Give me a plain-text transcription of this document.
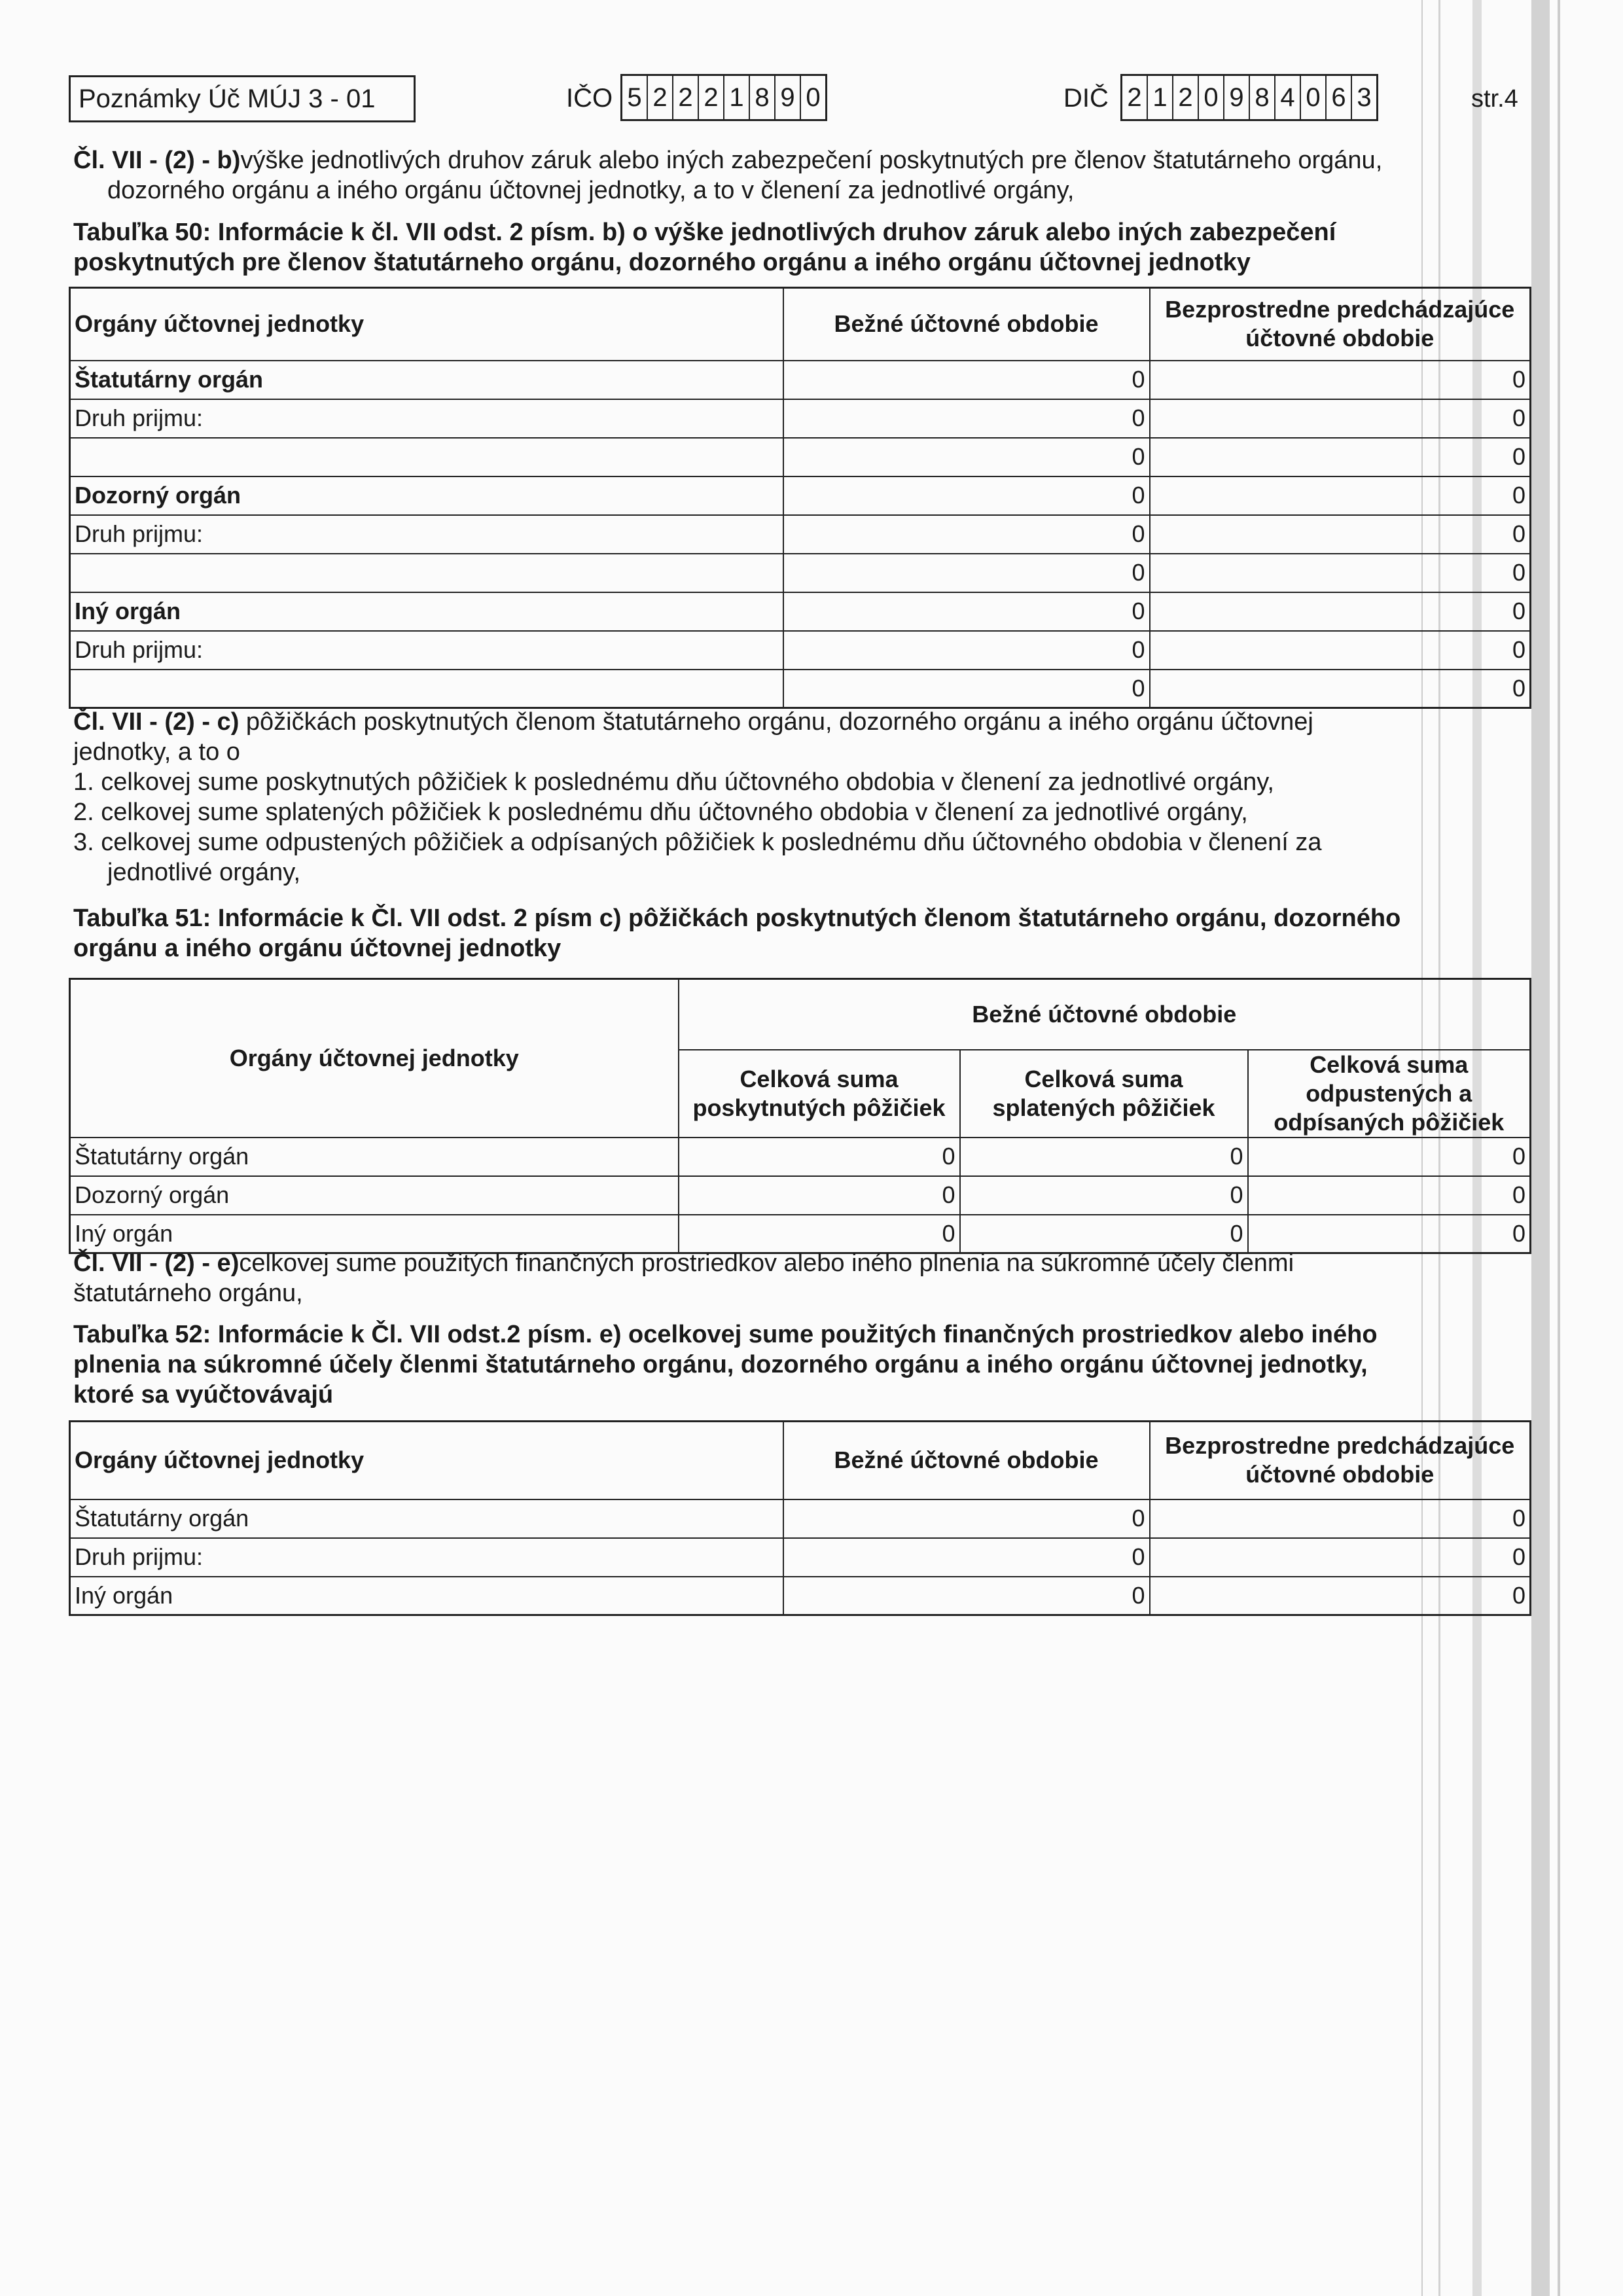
Poznámky Úč MÚJ 3 - 01	IČO 5 2 2 2 1 8 9 0	DIČ 2 1 2 0 9 8 4 0 6 3	str.4
Čl. VII - (2) - b)výške jednotlivých druhov záruk alebo iných zabezpečení poskytnutých pre členov štatutárneho orgánu,
dozorného orgánu a iného orgánu účtovnej jednotky, a to v členení za jednotlivé orgány,
Tabuľka 50: Informácie k čl. VII odst. 2 písm. b) o výške jednotlivých druhov záruk alebo iných zabezpečení
poskytnutých pre členov štatutárneho orgánu, dozorného orgánu a iného orgánu účtovnej jednotky
Orgány účtovnej jednotky	Bežné účtovné obdobie	Bezprostredne predchádzajúce účtovné obdobie
Štatutárny orgán	0	0
Druh prijmu:	0	0
	0	0
Dozorný orgán	0	0
Druh prijmu:	0	0
	0	0
Iný orgán	0	0
Druh prijmu:	0	0
	0	0
Čl. VII - (2) - c) pôžičkách poskytnutých členom štatutárneho orgánu, dozorného orgánu a iného orgánu účtovnej
jednotky, a to o
1. celkovej sume poskytnutých pôžičiek k poslednému dňu účtovného obdobia v členení za jednotlivé orgány,
2. celkovej sume splatených pôžičiek k poslednému dňu účtovného obdobia v členení za jednotlivé orgány,
3. celkovej sume odpustených pôžičiek a odpísaných pôžičiek k poslednému dňu účtovného obdobia v členení za
jednotlivé orgány,
Tabuľka 51: Informácie k Čl. VII odst. 2 písm c) pôžičkách poskytnutých členom štatutárneho orgánu, dozorného
orgánu a iného orgánu účtovnej jednotky
Orgány účtovnej jednotky	Bežné účtovné obdobie		
	Celková suma poskytnutých pôžičiek	Celková suma splatených pôžičiek	Celková suma odpustených a odpísaných pôžičiek
Štatutárny orgán	0	0	0
Dozorný orgán	0	0	0
Iný orgán	0	0	0
Čl. VII - (2) - e)celkovej sume použitých finančných prostriedkov alebo iného plnenia na súkromné účely členmi
štatutárneho orgánu,
Tabuľka 52: Informácie k Čl. VII odst.2 písm. e) ocelkovej sume použitých finančných prostriedkov alebo iného
plnenia na súkromné účely členmi štatutárneho orgánu, dozorného orgánu a iného orgánu účtovnej jednotky,
ktoré sa vyúčtovávajú
Orgány účtovnej jednotky	Bežné účtovné obdobie	Bezprostredne predchádzajúce účtovné obdobie
Štatutárny orgán	0	0
Druh prijmu:	0	0
Iný orgán	0	0
